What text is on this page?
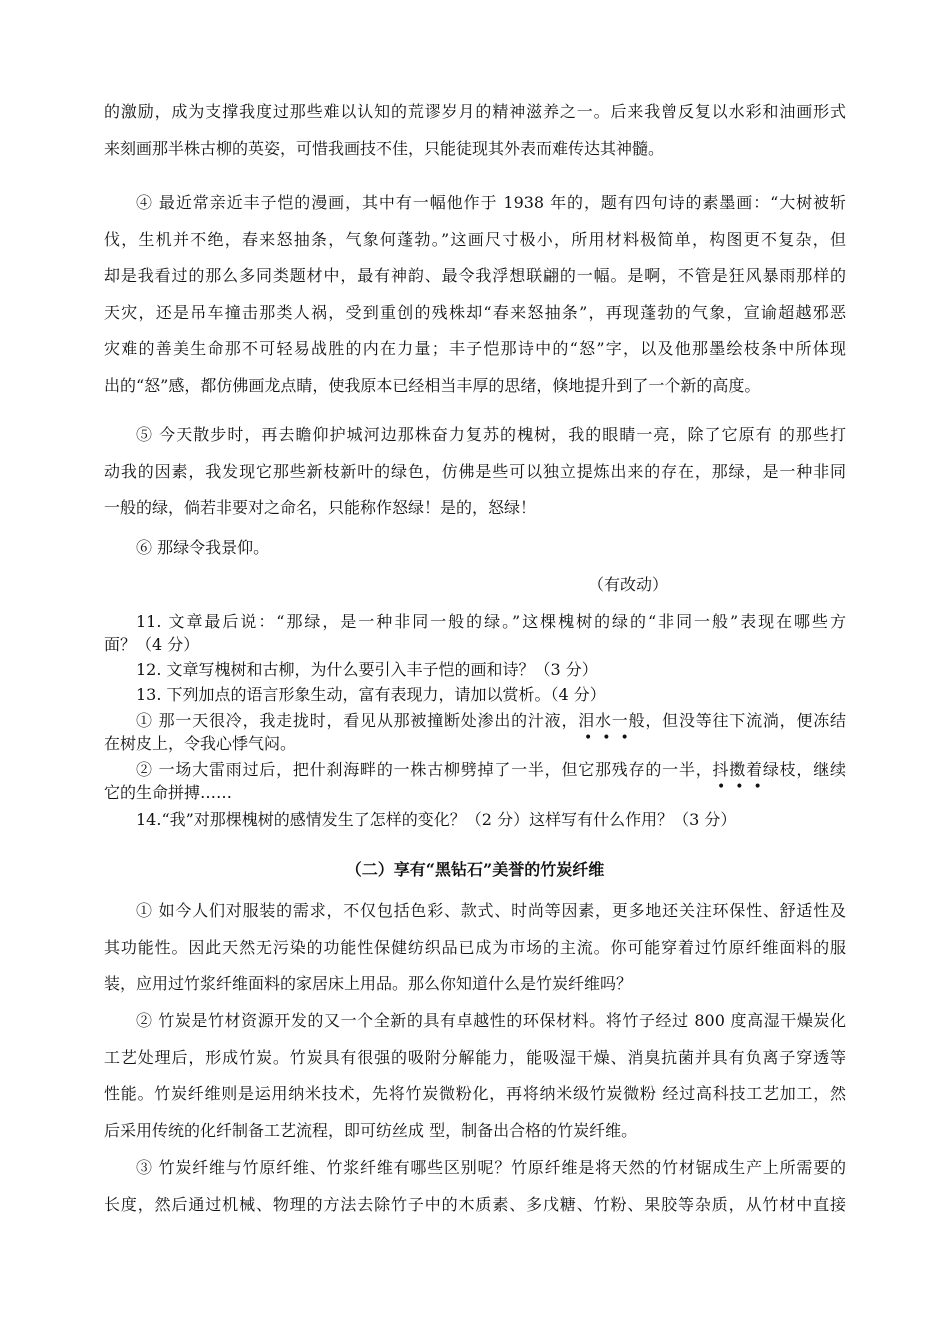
的激励，成为支撑我度过那些难以认知的荒谬岁月的精神滋养之一。后来我曾反复以水彩和油画形式
来刻画那半株古柳的英姿，可惜我画技不佳，只能徒现其外表而难传达其神髓。
④ 最近常亲近丰子恺的漫画，其中有一幅他作于 1938 年的，题有四句诗的素墨画：“大树被斩
伐，生机并不绝，春来怒抽条，气象何蓬勃。”这画尺寸极小，所用材料极简单，构图更不复杂，但
却是我看过的那么多同类题材中，最有神韵、最令我浮想联翩的一幅。是啊，不管是狂风暴雨那样的
天灾，还是吊车撞击那类人祸，受到重创的残株却“春来怒抽条”，再现蓬勃的气象，宣谕超越邪恶
灾难的善美生命那不可轻易战胜的内在力量；丰子恺那诗中的“怒”字，以及他那墨绘枝条中所体现
出的“怒”感，都仿佛画龙点睛，使我原本已经相当丰厚的思绪，倏地提升到了一个新的高度。
⑤ 今天散步时，再去瞻仰护城河边那株奋力复苏的槐树，我的眼睛一亮，除了它原有 的那些打
动我的因素，我发现它那些新枝新叶的绿色，仿佛是些可以独立提炼出来的存在，那绿，是一种非同
一般的绿，倘若非要对之命名，只能称作怒绿！是的，怒绿！
⑥ 那绿令我景仰。
（有改动）
11. 文章最后说：“那绿，是一种非同一般的绿。”这棵槐树的绿的“非同一般”表现在哪些方
面？（4 分）
12. 文章写槐树和古柳，为什么要引入丰子恺的画和诗？（3 分）
13. 下列加点的语言形象生动，富有表现力，请加以赏析。（4 分）
① 那一天很冷，我走拢时，看见从那被撞断处渗出的汁液，泪水一般，但没等往下流淌，便冻结
在树皮上，令我心悸气闷。	•••
② 一场大雷雨过后，把什刹海畔的一株古柳劈掉了一半，但它那残存的一半，抖擞着绿枝，继续
它的生命拼搏……	•••
14.“我”对那棵槐树的感情发生了怎样的变化？（2 分）这样写有什么作用？（3 分）
（二）享有“黑钻石”美誉的竹炭纤维
① 如今人们对服装的需求，不仅包括色彩、款式、时尚等因素，更多地还关注环保性、舒适性及
其功能性。因此天然无污染的功能性保健纺织品已成为市场的主流。你可能穿着过竹原纤维面料的服
装，应用过竹浆纤维面料的家居床上用品。那么你知道什么是竹炭纤维吗？
② 竹炭是竹材资源开发的又一个全新的具有卓越性的环保材料。将竹子经过 800 度高湿干燥炭化
工艺处理后，形成竹炭。竹炭具有很强的吸附分解能力，能吸湿干燥、消臭抗菌并具有负离子穿透等
性能。竹炭纤维则是运用纳米技术，先将竹炭微粉化，再将纳米级竹炭微粉 经过高科技工艺加工，然
后采用传统的化纤制备工艺流程，即可纺丝成 型，制备出合格的竹炭纤维。
③ 竹炭纤维与竹原纤维、竹浆纤维有哪些区别呢？竹原纤维是将天然的竹材锯成生产上所需要的
长度，然后通过机械、物理的方法去除竹子中的木质素、多戊糖、竹粉、果胶等杂质，从竹材中直接
